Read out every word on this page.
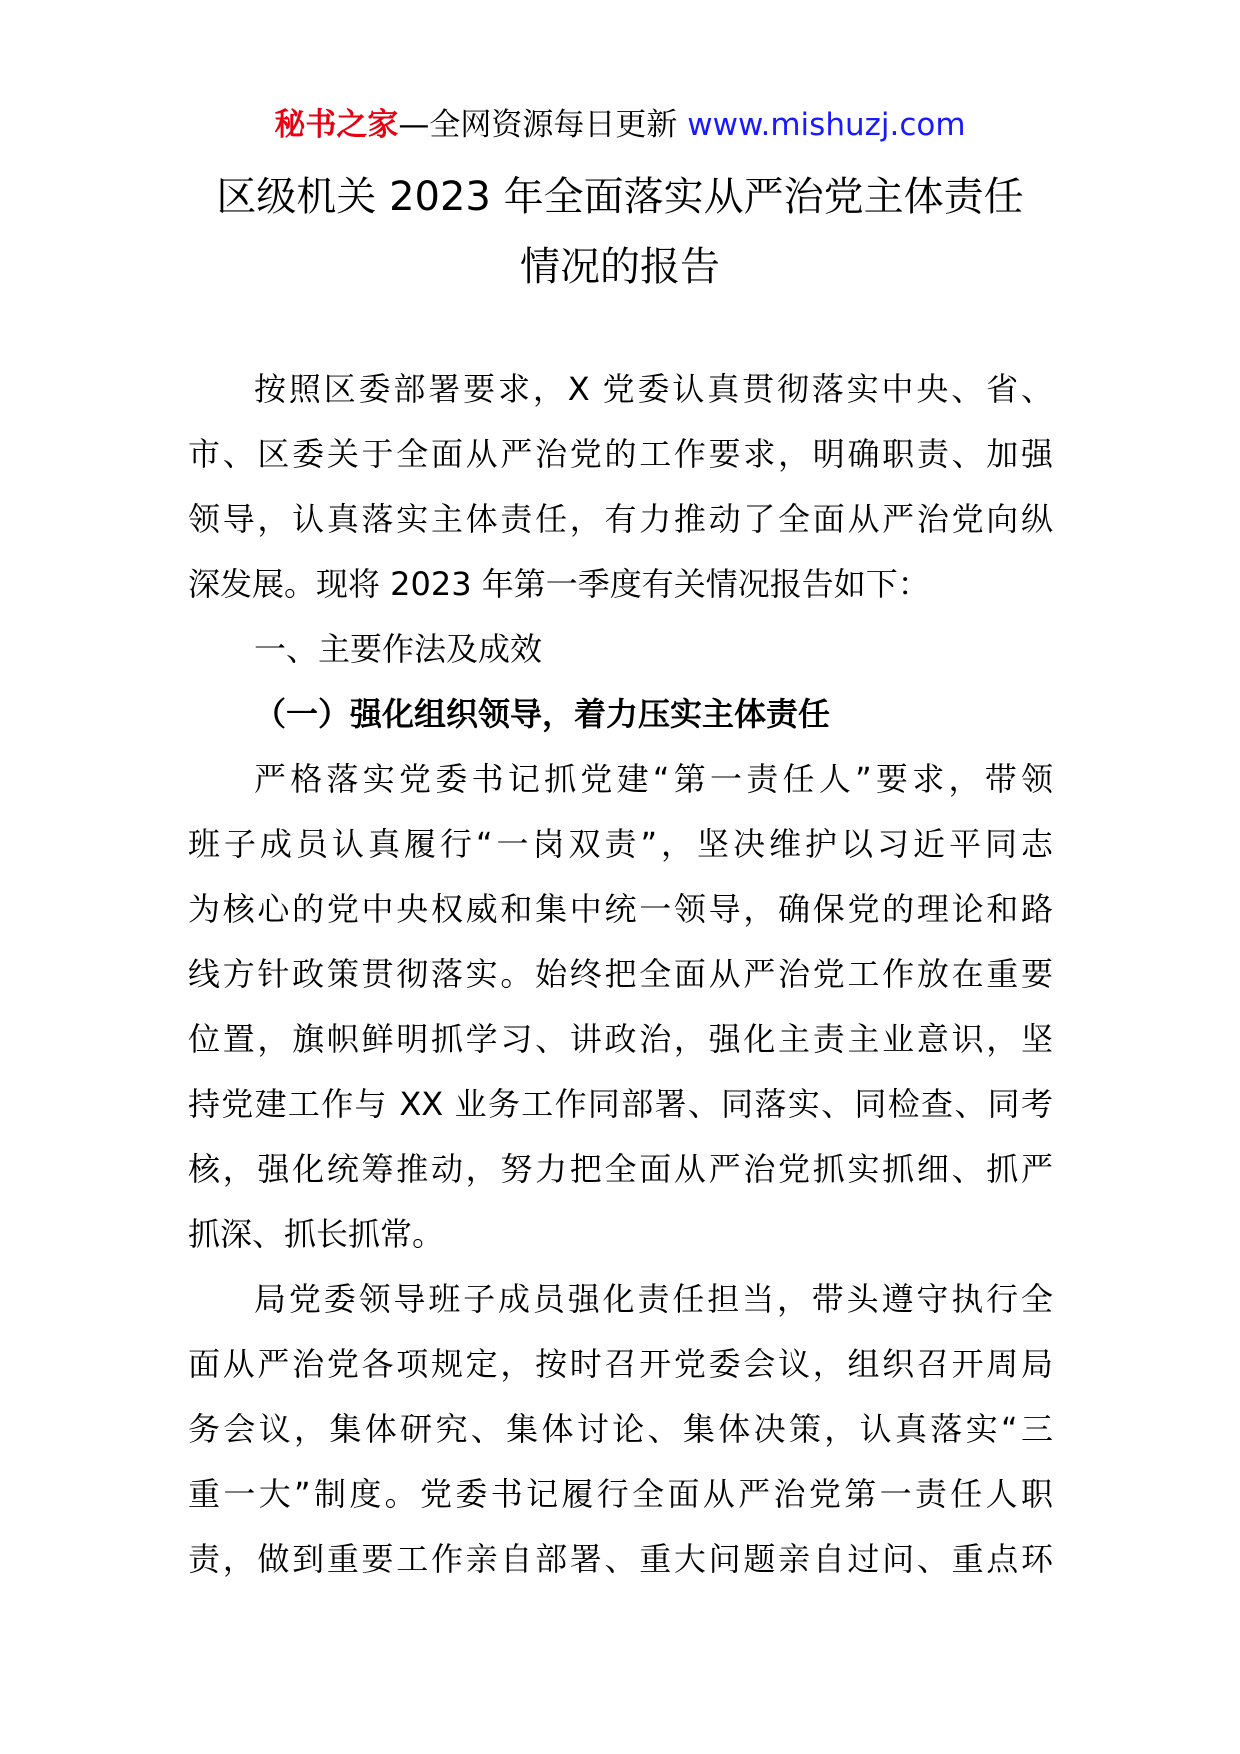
秘书之家—全网资源每日更新 www.mishuzj.com
区级机关 2023 年全面落实从严治党主体责任
情况的报告
按照区委部署要求，X 党委认真贯彻落实中央、省、
市、区委关于全面从严治党的工作要求，明确职责、加强
领导，认真落实主体责任，有力推动了全面从严治党向纵
深发展。现将 2023 年第一季度有关情况报告如下：
一、主要作法及成效
（一）强化组织领导，着力压实主体责任
严格落实党委书记抓党建“第一责任人”要求，带领
班子成员认真履行“一岗双责”，坚决维护以习近平同志
为核心的党中央权威和集中统一领导，确保党的理论和路
线方针政策贯彻落实。始终把全面从严治党工作放在重要
位置，旗帜鲜明抓学习、讲政治，强化主责主业意识，坚
持党建工作与 XX 业务工作同部署、同落实、同检查、同考
核，强化统筹推动，努力把全面从严治党抓实抓细、抓严
抓深、抓长抓常。
局党委领导班子成员强化责任担当，带头遵守执行全
面从严治党各项规定，按时召开党委会议，组织召开周局
务会议，集体研究、集体讨论、集体决策，认真落实“三
重一大”制度。党委书记履行全面从严治党第一责任人职
责，做到重要工作亲自部署、重大问题亲自过问、重点环
